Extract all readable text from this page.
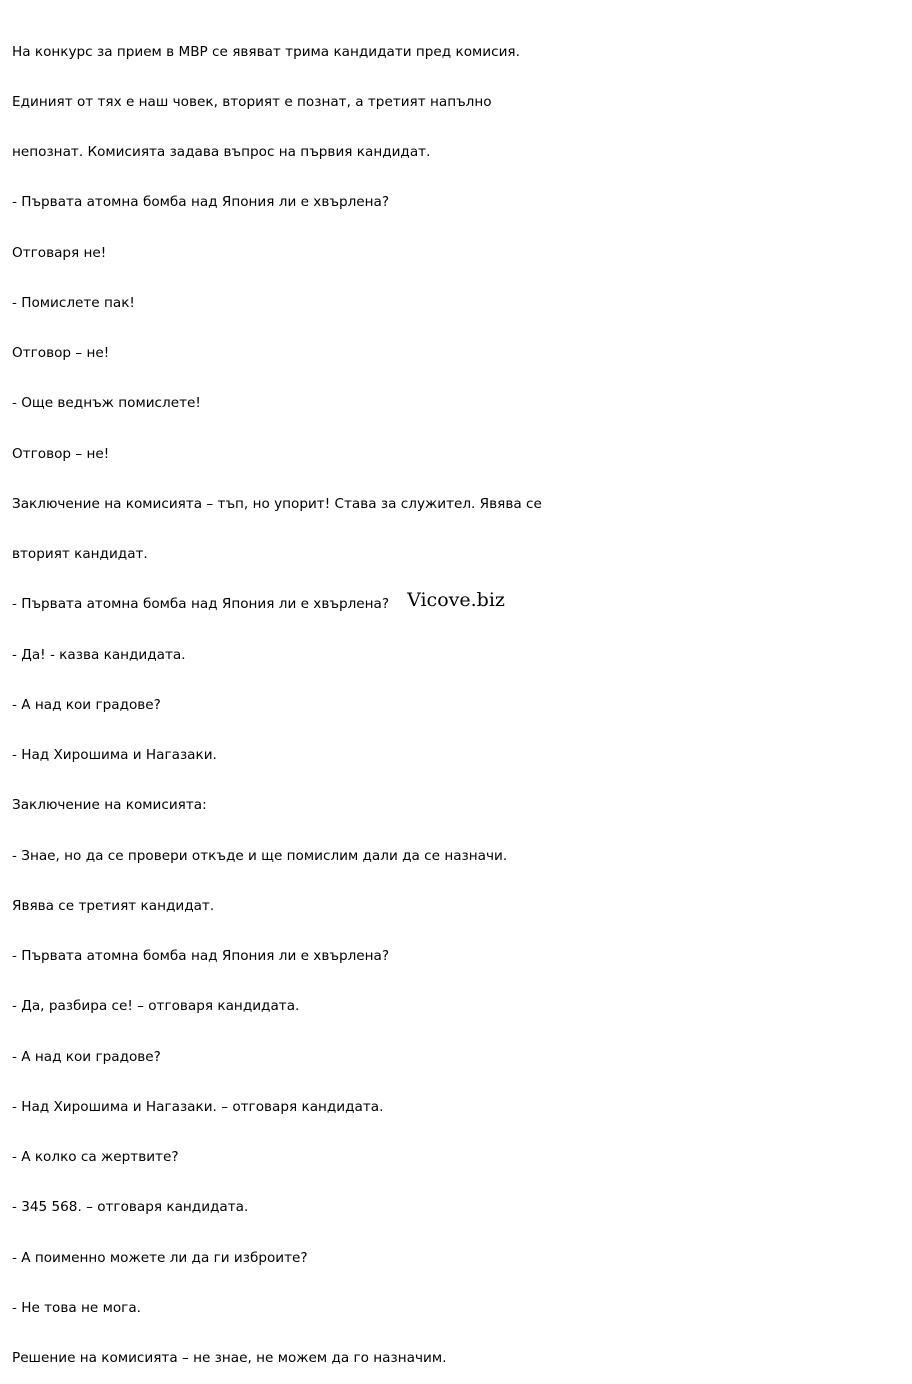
На конкурс за прием в МВР се явяват трима кандидати пред комисия.

Единият от тях е наш човек, вторият е познат, а третият напълно

непознат. Комисията задава въпрос на първия кандидат.

- Първата атомна бомба над Япония ли е хвърлена?

Отговаря не!

- Помислете пак!

Отговор – не!

- Още веднъж помислете!

Отговор – не!

Заключение на комисията – тъп, но упорит! Става за служител. Явява се

вторият кандидат.

- Първата атомна бомба над Япония ли е хвърлена?

- Да! - казва кандидата.

- А над кои градове?

- Над Хирошима и Нагазаки.

Заключение на комисията:

- Знае, но да се провери откъде и ще помислим дали да се назначи.

Явява се третият кандидат.

- Първата атомна бомба над Япония ли е хвърлена?

- Да, разбира се! – отговаря кандидата.

- А над кои градове?

- Над Хирошима и Нагазаки. – отговаря кандидата.

- А колко са жертвите?

- 345 568. – отговаря кандидата.

- А поименно можете ли да ги изброите?

- Не това не мога.

Решение на комисията – не знае, не можем да го назначим.

Vicove.biz
